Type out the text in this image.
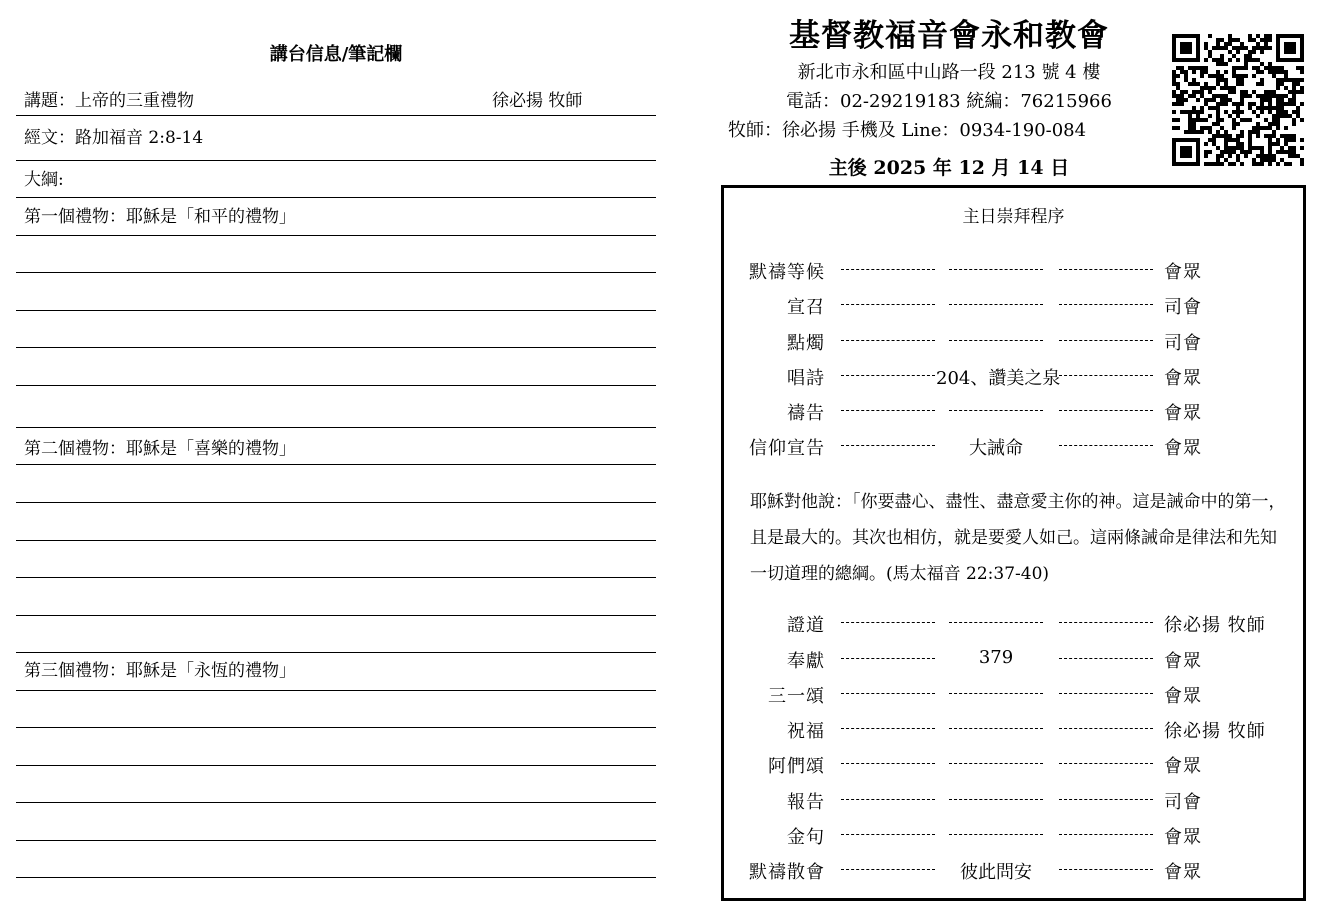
講台信息/筆記欄
講題：上帝的三重禮物	徐必揚 牧師
經文：路加福音 2:8-14
大綱:
第一個禮物：耶穌是「和平的禮物」
第二個禮物：耶穌是「喜樂的禮物」
第三個禮物：耶穌是「永恆的禮物」
基督教福音會永和教會
新北市永和區中山路一段 213 號 4 樓
電話：02-29219183 統編：76215966
牧師：徐必揚 手機及 Line：0934-190-084
主後 2025 年 12 月 14 日
主日崇拜程序
耶穌對他說：「你要盡心、盡性、盡意愛主你的神。這是誡命中的第一，且是最大的。其次也相仿，就是要愛人如己。這兩條誡命是律法和先知一切道理的總綱。(馬太福音 22:37-40)
默禱等候	會眾
宣召	司會
點燭	司會
唱詩	204、讚美之泉	會眾
禱告	會眾
信仰宣告	大誡命	會眾
證道	徐必揚 牧師
奉獻	379	會眾
三一頌	會眾
祝福	徐必揚 牧師
阿們頌	會眾
報告	司會
金句	會眾
默禱散會	彼此問安	會眾
